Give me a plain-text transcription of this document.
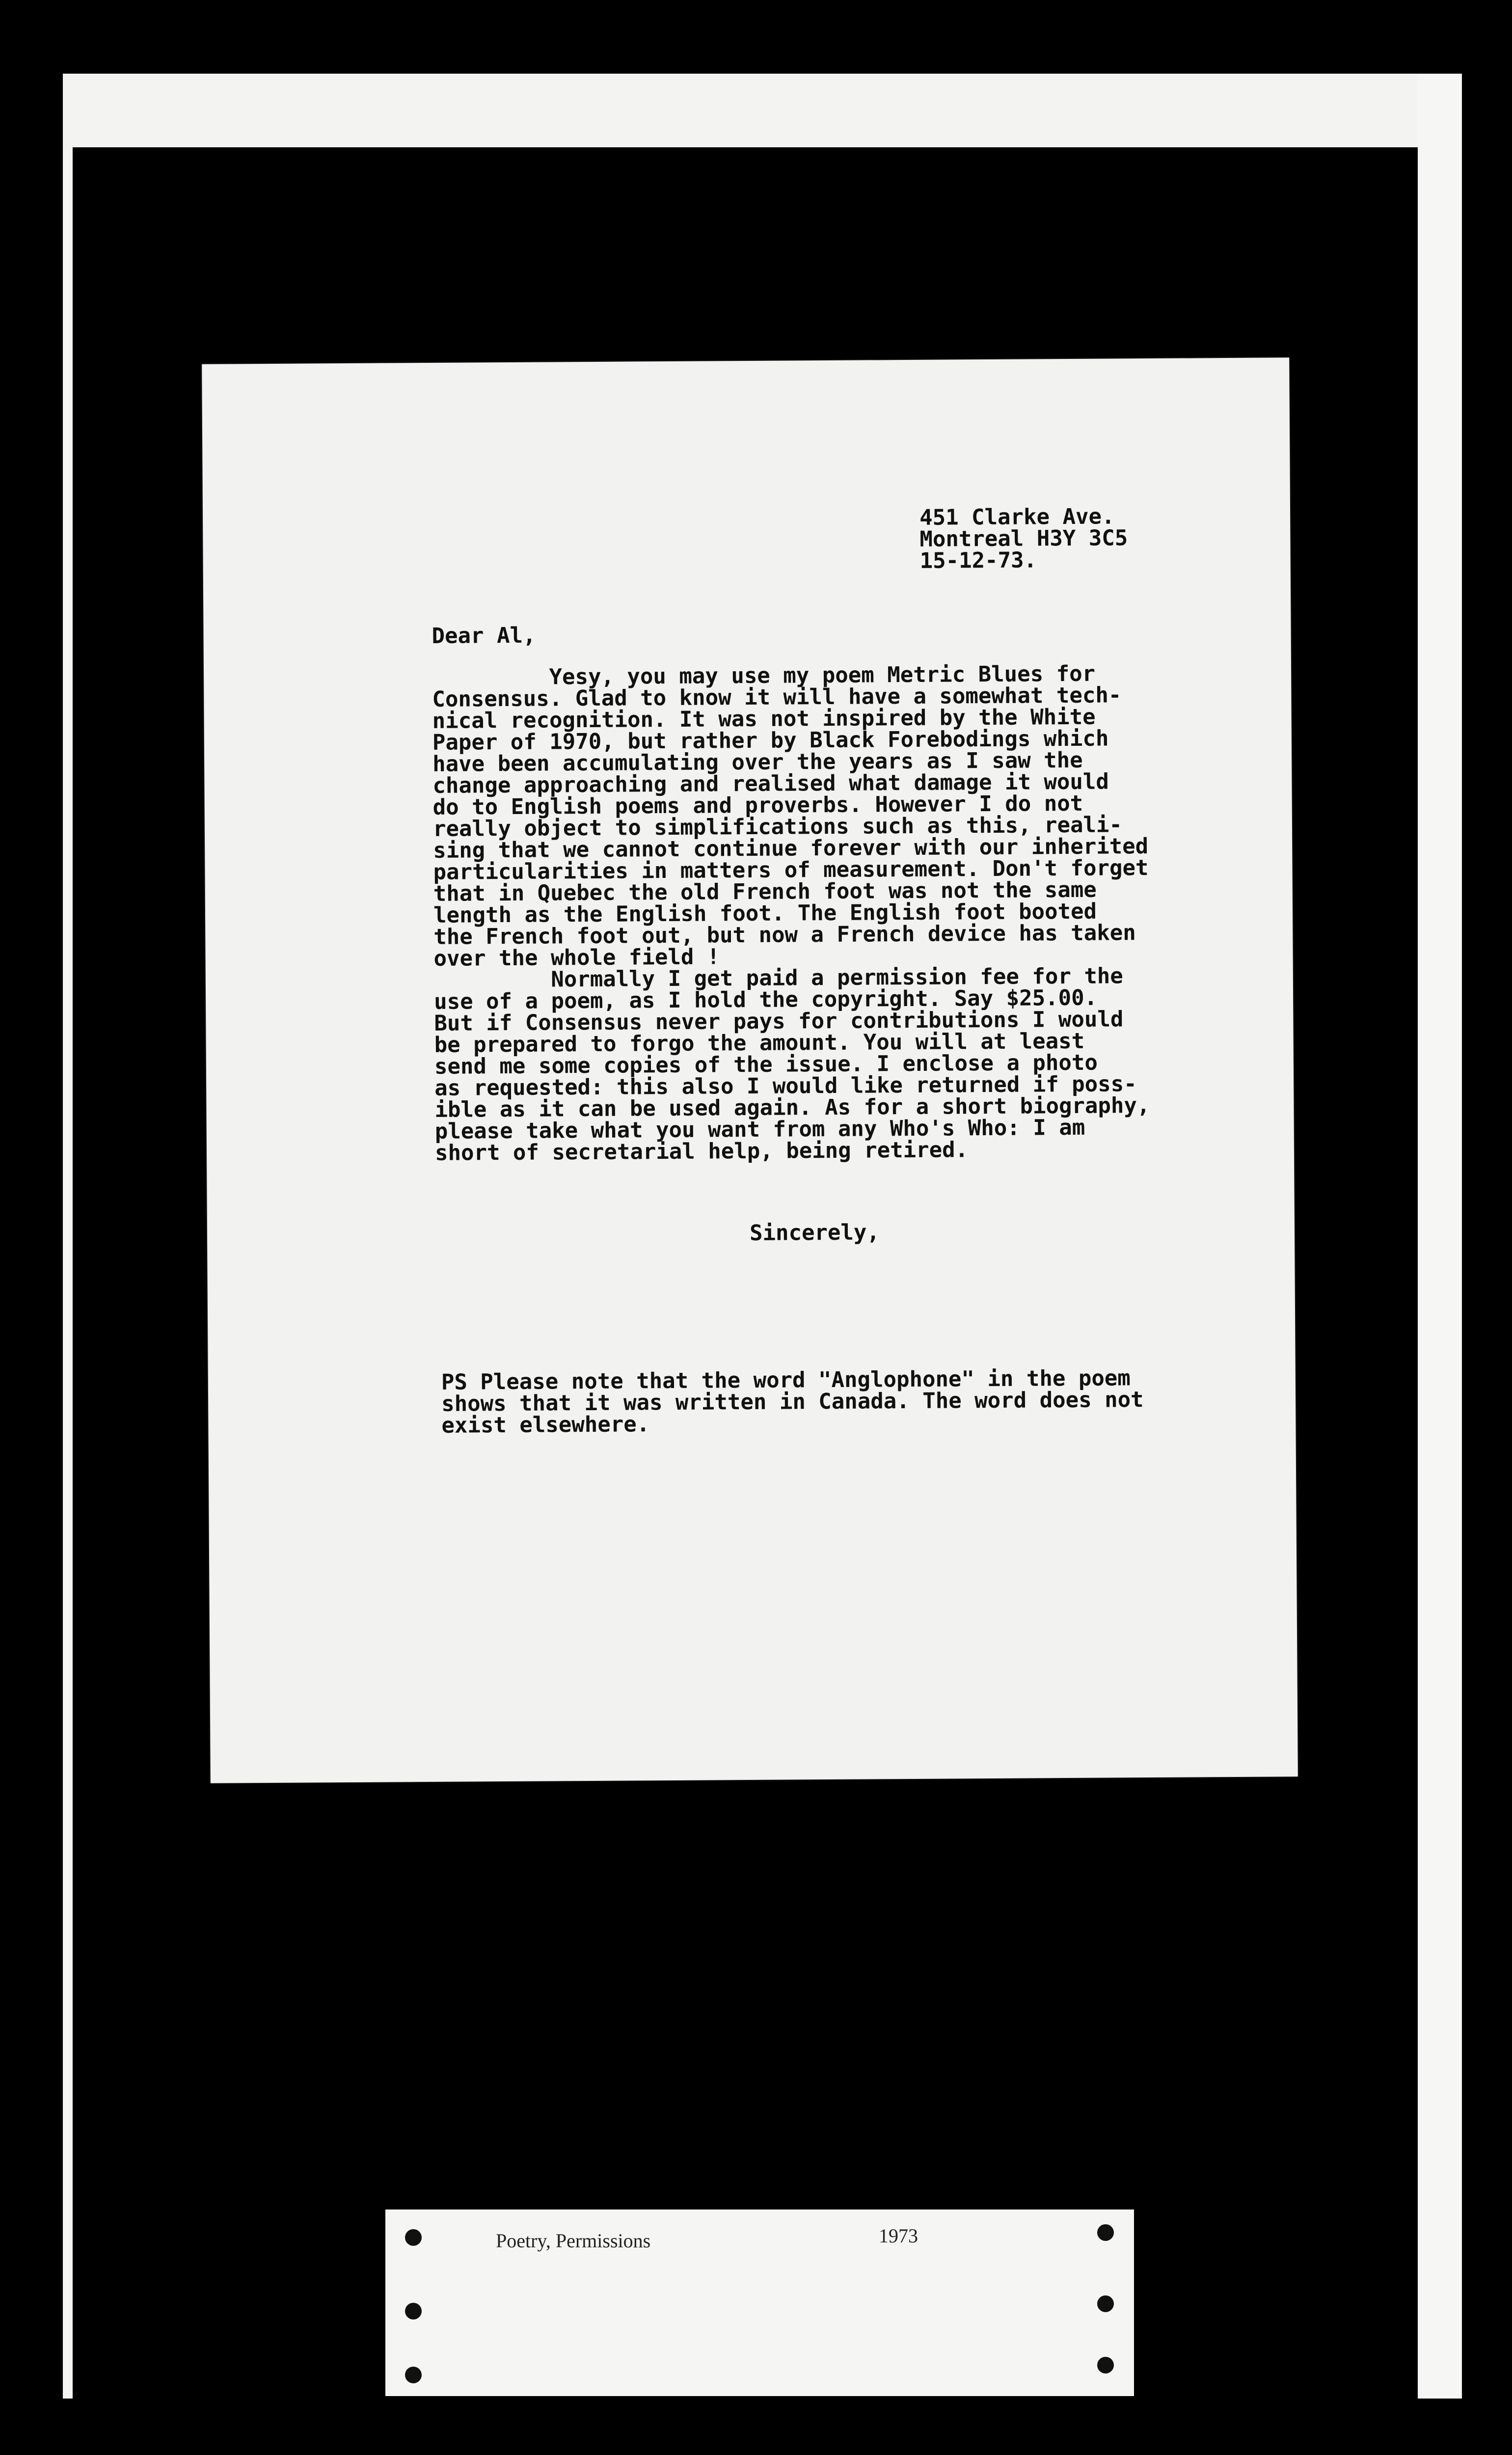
451 Clarke Ave.
Montreal H3Y 3C5
15-12-73.
Dear Al,
Yesy, you may use my poem Metric Blues for
Consensus. Glad to know it will have a somewhat tech-
nical recognition. It was not inspired by the White
Paper of 1970, but rather by Black Forebodings which
have been accumulating over the years as I saw the
change approaching and realised what damage it would
do to English poems and proverbs. However I do not
really object to simplifications such as this, reali-
sing that we cannot continue forever with our inherited
particularities in matters of measurement. Don't forget
that in Quebec the old French foot was not the same
length as the English foot. The English foot booted
the French foot out, but now a French device has taken
over the whole field !
Normally I get paid a permission fee for the
use of a poem, as I hold the copyright. Say $25.00.
But if Consensus never pays for contributions I would
be prepared to forgo the amount. You will at least
send me some copies of the issue. I enclose a photo
as requested: this also I would like returned if poss-
ible as it can be used again. As for a short biography,
please take what you want from any Who's Who: I am
short of secretarial help, being retired.
Sincerely,
PS Please note that the word "Anglophone" in the poem
shows that it was written in Canada. The word does not
exist elsewhere.
Poetry, Permissions	1973
